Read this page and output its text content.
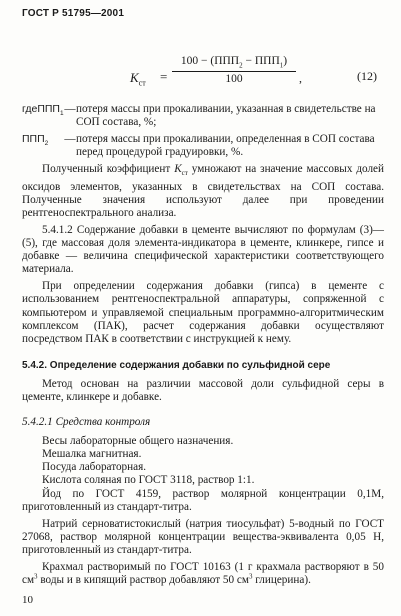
ГОСТ Р 51795—2001
$K_{ст}$ =
$100 - (ППП_2 - ППП_1)$
100	,	(12)
гдеППП$_1$ — потеря массы при прокаливании, указанная в свидетельстве на СОП состава, %;
$ППП_2$	— потеря массы при прокаливании, определенная в СОП состава перед процедурой градуировки, %.

Полученный коэффициент $K_{ст}$ умножают на значение массовых долей оксидов элементов, указанных в свидетельствах на СОП состава. Полученные значения используют далее при проведении рентгеноспектрального анализа.

5.4.1.2 Содержание добавки в цементе вычисляют по формулам (3)—(5), где массовая доля элемента-индикатора в цементе, клинкере, гипсе и добавке — величина специфической характеристики соответствующего материала.

При определении содержания добавки (гипса) в цементе с использованием рентгеноспектральной аппаратуры, сопряженной с компьютером и управляемой специальным программно-алгоритмическим комплексом (ПАК), расчет содержания добавки осуществляют посредством ПАК в соответствии с инструкцией к нему.

5.4.2. Определение содержания добавки по сульфидной сере

Метод основан на различии массовой доли сульфидной серы в цементе, клинкере и добавке.

5.4.2.1 Средства контроля

Весы лабораторные общего назначения.

Мешалка магнитная.

Посуда лабораторная.

Кислота соляная по ГОСТ 3118, раствор 1:1.

Йод по ГОСТ 4159, раствор молярной концентрации 0,1М, приготовленный из стандарт-титра.

Натрий серноватистокислый (натрия тиосульфат) 5-водный по ГОСТ 27068, раствор молярной концентрации вещества-эквивалента 0,05 Н, приготовленный из стандарт-титра.

Крахмал растворимый по ГОСТ 10163 (1 г крахмала растворяют в 50 $см^3$ воды и в кипящий раствор добавляют 50 $см^3$ глицерина).

10
